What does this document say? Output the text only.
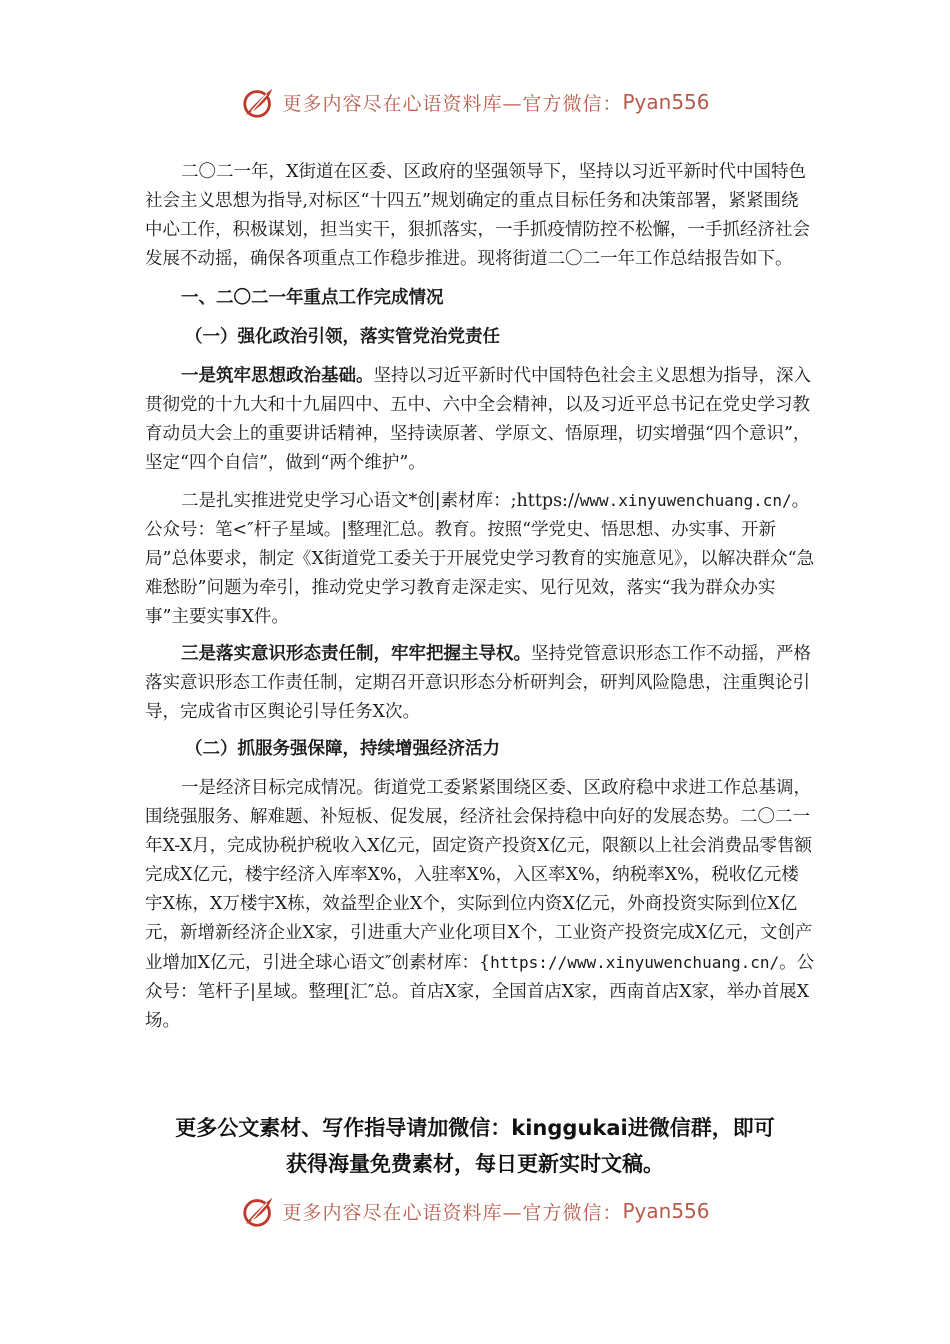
更多内容尽在心语资料库—官方微信： Pyan556

二〇二一年，X街道在区委、区政府的坚强领导下，坚持以习近平新时代中国特色社会主义思想为指导,对标区“十四五”规划确定的重点目标任务和决策部署，紧紧围绕中心工作，积极谋划，担当实干，狠抓落实，一手抓疫情防控不松懈，一手抓经济社会发展不动摇，确保各项重点工作稳步推进。现将街道二〇二一年工作总结报告如下。

一、二〇二一年重点工作完成情况

（一）强化政治引领，落实管党治党责任

一是筑牢思想政治基础。坚持以习近平新时代中国特色社会主义思想为指导，深入贯彻党的十九大和十九届四中、五中、六中全会精神，以及习近平总书记在党史学习教育动员大会上的重要讲话精神，坚持读原著、学原文、悟原理，切实增强“四个意识”，坚定“四个自信”，做到“两个维护”。

二是扎实推进党史学习心语文*创|素材库：;https://www.xinyuwenchuang.cn/。公众号：笔<″杆子星域。|整理汇总。教育。按照“学党史、悟思想、办实事、开新局”总体要求，制定《X街道党工委关于开展党史学习教育的实施意见》，以解决群众“急难愁盼”问题为牵引，推动党史学习教育走深走实、见行见效，落实“我为群众办实事”主要实事X件。

三是落实意识形态责任制，牢牢把握主导权。坚持党管意识形态工作不动摇，严格落实意识形态工作责任制，定期召开意识形态分析研判会，研判风险隐患，注重舆论引导，完成省市区舆论引导任务X次。

（二）抓服务强保障，持续增强经济活力

一是经济目标完成情况。街道党工委紧紧围绕区委、区政府稳中求进工作总基调，围绕强服务、解难题、补短板、促发展，经济社会保持稳中向好的发展态势。二〇二一年X-X月，完成协税护税收入X亿元，固定资产投资X亿元，限额以上社会消费品零售额完成X亿元，楼宇经济入库率X%，入驻率X%，入区率X%，纳税率X%，税收亿元楼宇X栋，X万楼宇X栋，效益型企业X个，实际到位内资X亿元，外商投资实际到位X亿元，新增新经济企业X家，引进重大产业化项目X个，工业资产投资完成X亿元，文创产业增加X亿元，引进全球心语文″创素材库：{https://www.xinyuwenchuang.cn/。公众号：笔杆子|星域。整理[汇″总。首店X家，全国首店X家，西南首店X家，举办首展X场。

更多公文素材、写作指导请加微信：kinggukai进微信群，即可
获得海量免费素材，每日更新实时文稿。
更多内容尽在心语资料库—官方微信： Pyan556
